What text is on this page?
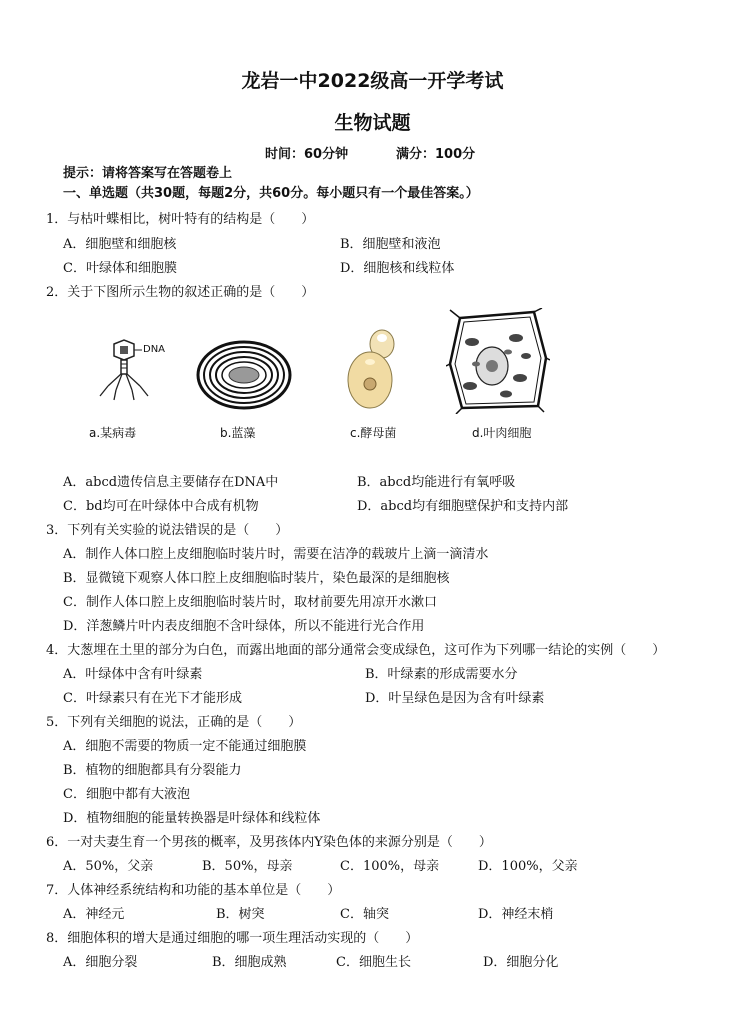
龙岩一中2022级高一开学考试
生物试题
时间：60分钟	满分：100分
提示：请将答案写在答题卷上
一、单选题（共30题，每题2分，共60分。每小题只有一个最佳答案。）
1．与枯叶蝶相比，树叶特有的结构是（　　）
A．细胞壁和细胞核	B．细胞壁和液泡
C．叶绿体和细胞膜	D．细胞核和线粒体
2．关于下图所示生物的叙述正确的是（　　）
DNA
a.某病毒	b.蓝藻	c.酵母菌	d.叶肉细胞
A．abcd遗传信息主要储存在DNA中	B．abcd均能进行有氧呼吸
C．bd均可在叶绿体中合成有机物	D．abcd均有细胞壁保护和支持内部
3．下列有关实验的说法错误的是（　　）
A．制作人体口腔上皮细胞临时装片时，需要在洁净的载玻片上滴一滴清水
B．显微镜下观察人体口腔上皮细胞临时装片，染色最深的是细胞核
C．制作人体口腔上皮细胞临时装片时，取材前要先用凉开水漱口
D．洋葱鳞片叶内表皮细胞不含叶绿体，所以不能进行光合作用
4．大葱埋在土里的部分为白色，而露出地面的部分通常会变成绿色，这可作为下列哪一结论的实例（　　）
A．叶绿体中含有叶绿素	B．叶绿素的形成需要水分
C．叶绿素只有在光下才能形成	D．叶呈绿色是因为含有叶绿素
5．下列有关细胞的说法，正确的是（　　）
A．细胞不需要的物质一定不能通过细胞膜
B．植物的细胞都具有分裂能力
C．细胞中都有大液泡
D．植物细胞的能量转换器是叶绿体和线粒体
6．一对夫妻生育一个男孩的概率，及男孩体内Y染色体的来源分别是（　　）
A．50%，父亲	B．50%，母亲	C．100%，母亲	D．100%，父亲
7．人体神经系统结构和功能的基本单位是（　　）
A．神经元	B．树突	C．轴突	D．神经末梢
8．细胞体积的增大是通过细胞的哪一项生理活动实现的（　　）
A．细胞分裂	B．细胞成熟	C．细胞生长	D．细胞分化
